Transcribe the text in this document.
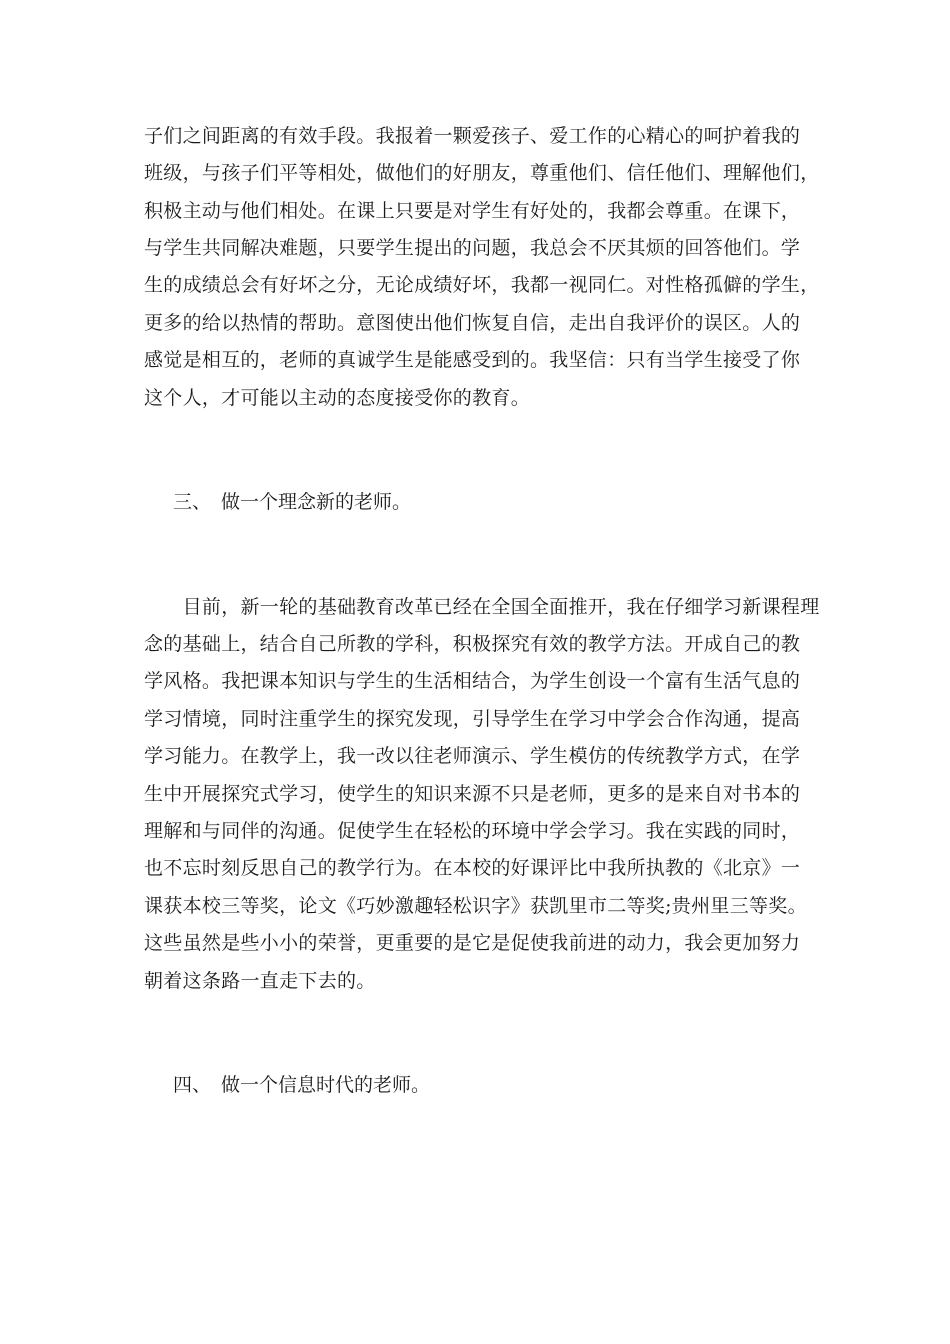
子们之间距离的有效手段。我报着一颗爱孩子、爱工作的心精心的呵护着我的
班级，与孩子们平等相处，做他们的好朋友，尊重他们、信任他们、理解他们，
积极主动与他们相处。在课上只要是对学生有好处的，我都会尊重。在课下，
与学生共同解决难题，只要学生提出的问题，我总会不厌其烦的回答他们。学
生的成绩总会有好坏之分，无论成绩好坏，我都一视同仁。对性格孤僻的学生，
更多的给以热情的帮助。意图使出他们恢复自信，走出自我评价的误区。人的
感觉是相互的，老师的真诚学生是能感受到的。我坚信：只有当学生接受了你
这个人，才可能以主动的态度接受你的教育。
三、 做一个理念新的老师。
　　目前，新一轮的基础教育改革已经在全国全面推开，我在仔细学习新课程理
念的基础上，结合自己所教的学科，积极探究有效的教学方法。开成自己的教
学风格。我把课本知识与学生的生活相结合，为学生创设一个富有生活气息的
学习情境，同时注重学生的探究发现，引导学生在学习中学会合作沟通，提高
学习能力。在教学上，我一改以往老师演示、学生模仿的传统教学方式，在学
生中开展探究式学习，使学生的知识来源不只是老师，更多的是来自对书本的
理解和与同伴的沟通。促使学生在轻松的环境中学会学习。我在实践的同时，
也不忘时刻反思自己的教学行为。在本校的好课评比中我所执教的《北京》一
课获本校三等奖，论文《巧妙激趣轻松识字》获凯里市二等奖;贵州里三等奖。
这些虽然是些小小的荣誉，更重要的是它是促使我前进的动力，我会更加努力
朝着这条路一直走下去的。
四、 做一个信息时代的老师。
